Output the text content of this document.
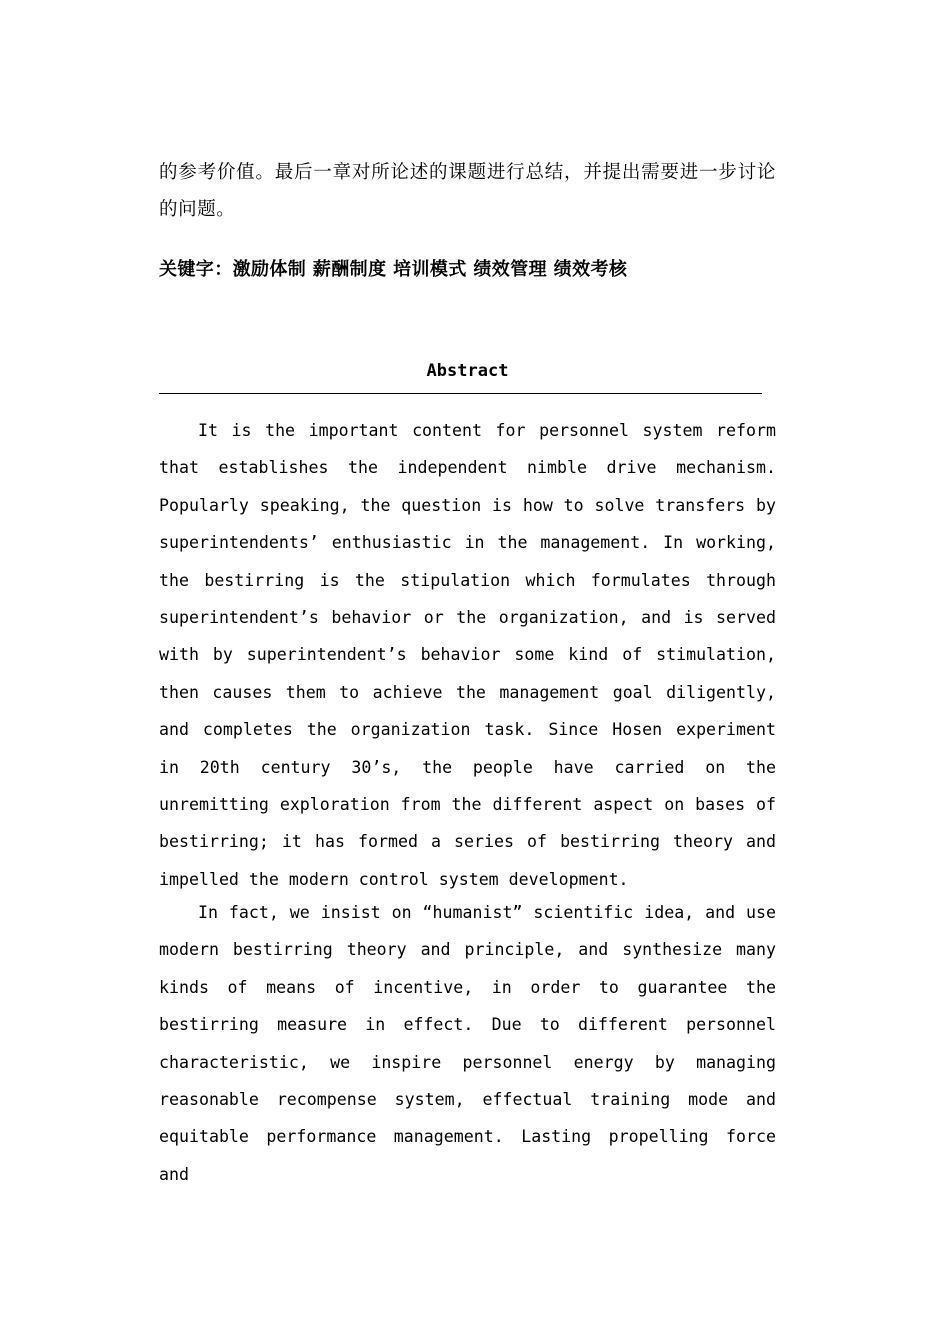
的参考价值。最后一章对所论述的课题进行总结，并提出需要进一步讨论的问题。

关键字：激励体制 薪酬制度 培训模式 绩效管理 绩效考核

Abstract

It is the important content for personnel system reform that establishes the independent nimble drive mechanism. Popularly speaking, the question is how to solve transfers by superintendents’ enthusiastic in the management. In working, the bestirring is the stipulation which formulates through superintendent’s behavior or the organization, and is served with by superintendent’s behavior some kind of stimulation, then causes them to achieve the management goal diligently, and completes the organization task. Since Hosen experiment in 20th century 30’s, the people have carried on the unremitting exploration from the different aspect on bases of bestirring; it has formed a series of bestirring theory and impelled the modern control system development.

In fact, we insist on “humanist” scientific idea, and use modern bestirring theory and principle, and synthesize many kinds of means of incentive, in order to guarantee the bestirring measure in effect. Due to different personnel characteristic, we inspire personnel energy by managing reasonable recompense system, effectual training mode and equitable performance management. Lasting propelling force and
